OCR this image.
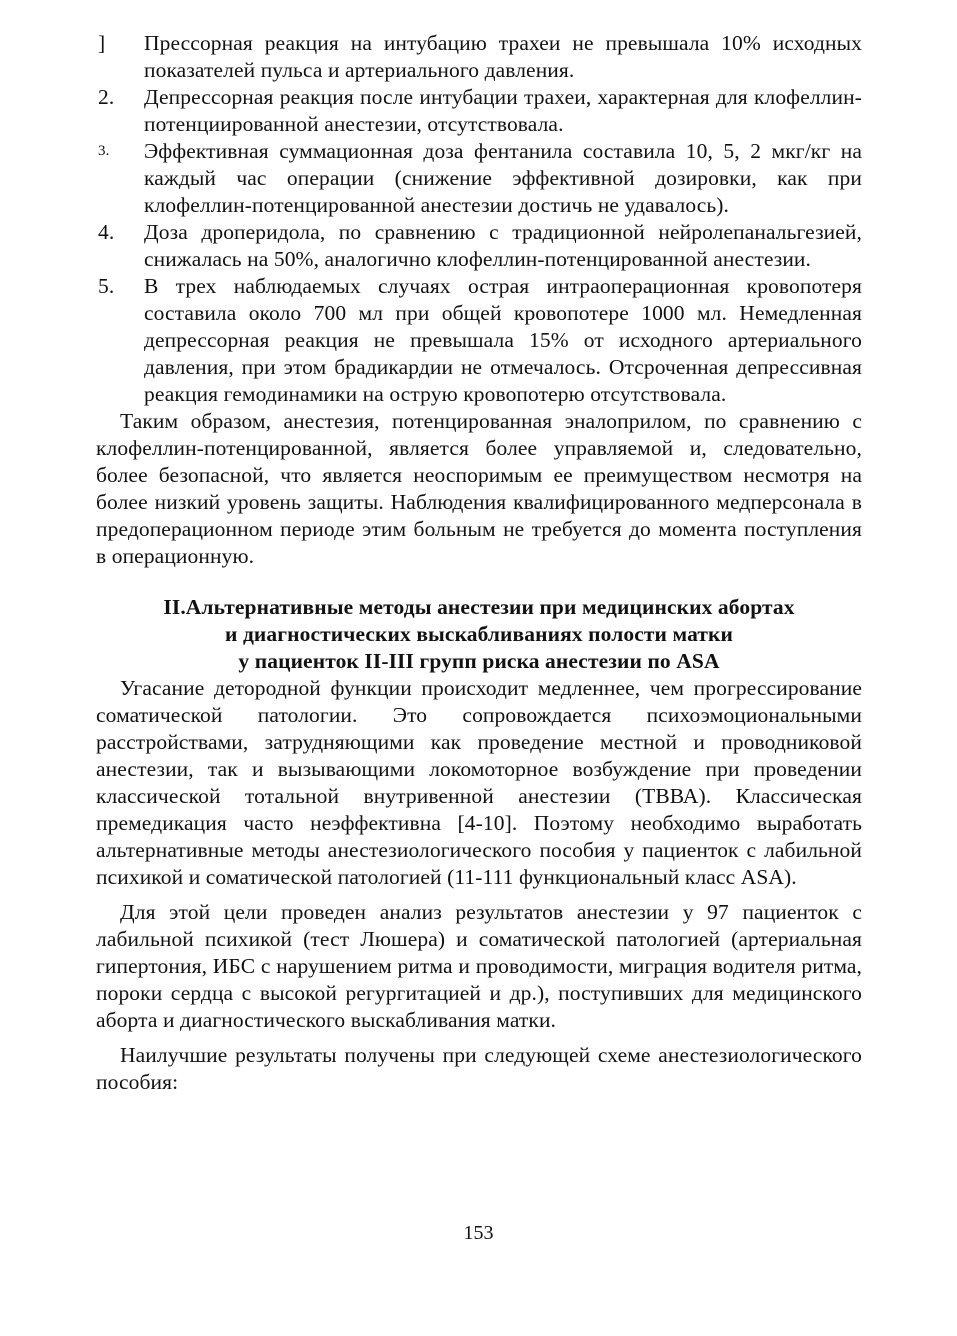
]	Прессорная реакция на интубацию трахеи не превышала 10% исходных показателей пульса и артериального давления.
2.	Депрессорная реакция после интубации трахеи, характерная для клофеллин-потенциированной анестезии, отсутствовала.
3.	Эффективная суммационная доза фентанила составила 10, 5, 2 мкг/кг на каждый час операции (снижение эффективной дозировки, как при клофеллин-потенцированной анестезии достичь не удавалось).
4.	Доза дроперидола, по сравнению с традиционной нейролепанальгезией, снижалась на 50%, аналогично клофеллин-потенцированной анестезии.
5.	В трех наблюдаемых случаях острая интраоперационная кровопотеря составила около 700 мл при общей кровопотере 1000 мл. Немедленная депрессорная реакция не превышала 15% от исходного артериального давления, при этом брадикардии не отмечалось. Отсроченная депрессивная реакция гемодинамики на острую кровопотерю отсутствовала.

Таким образом, анестезия, потенцированная эналоприлом, по сравнению с клофеллин-потенцированной, является более управляемой и, следовательно, более безопасной, что является неоспоримым ее преимуществом несмотря на более низкий уровень защиты. Наблюдения квалифицированного медперсонала в предоперационном периоде этим больным не требуется до момента поступления в операционную.

II.Альтернативные методы анестезии при медицинских абортах
и диагностических выскабливаниях полости матки
у пациенток II-III групп риска анестезии по ASA

Угасание детородной функции происходит медленнее, чем прогрессирование соматической патологии. Это сопровождается психоэмоциональными расстройствами, затрудняющими как проведение местной и проводниковой анестезии, так и вызывающими локомоторное возбуждение при проведении классической тотальной внутривенной анестезии (ТВВА). Классическая премедикация часто неэффективна [4-10]. Поэтому необходимо выработать альтернативные методы анестезиологического пособия у пациенток с лабильной психикой и соматической патологией (11-111 функциональный класс ASA).

Для этой цели проведен анализ результатов анестезии у 97 пациенток с лабильной психикой (тест Люшера) и соматической патологией (артериальная гипертония, ИБС с нарушением ритма и проводимости, миграция водителя ритма, пороки сердца с высокой регургитацией и др.), поступивших для медицинского аборта и диагностического выскабливания матки.

Наилучшие результаты получены при следующей схеме анестезиологического пособия:

153
